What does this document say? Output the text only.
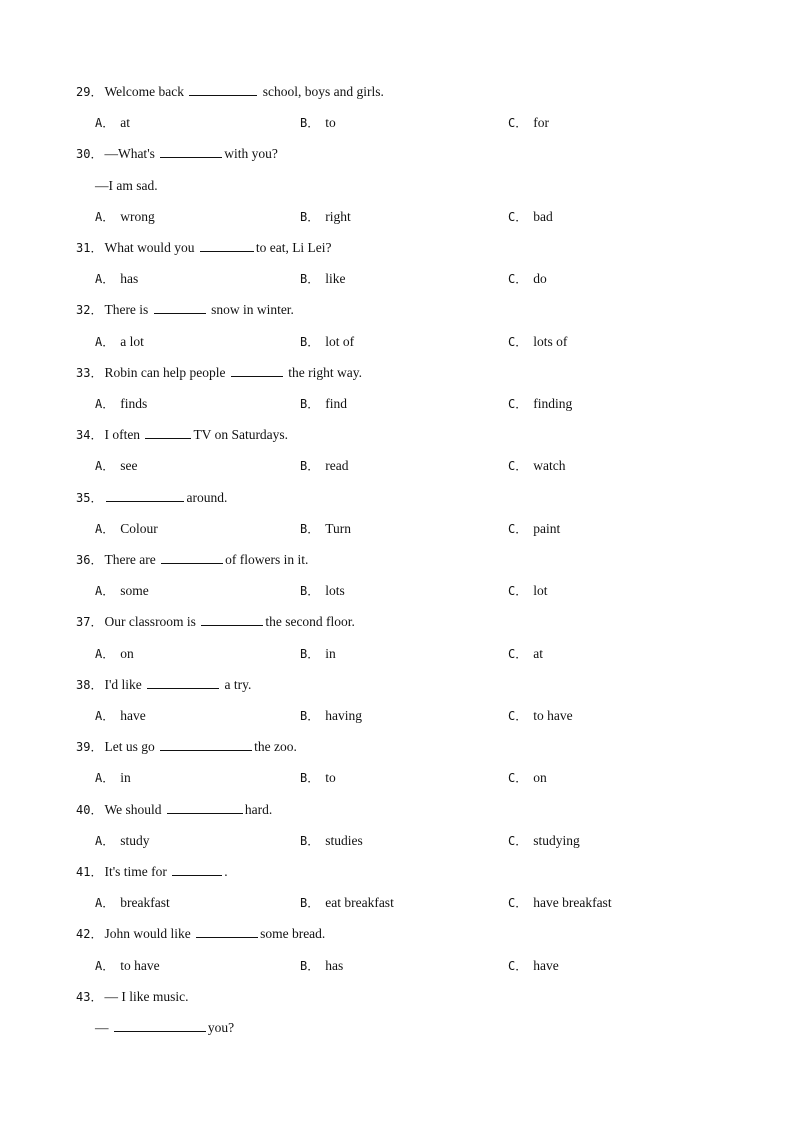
29． Welcome back	school, boys and girls.
A． at	B． to	C． for
30． —What's	with you?
—I am sad.
A． wrong	B． right	C． bad
31． What would you	to eat, Li Lei?
A． has	B． like	C． do
32． There is	snow in winter.
A． a lot	B． lot of	C． lots of
33． Robin can help people	the right way.
A． finds	B． find	C． finding
34． I often	TV on Saturdays.
A． see	B． read	C． watch
35．	around.
A． Colour	B． Turn	C． paint
36． There are	of flowers in it.
A． some	B． lots	C． lot
37． Our classroom is	the second floor.
A． on	B． in	C． at
38． I'd like	a try.
A． have	B． having	C． to have
39． Let us go	the zoo.
A． in	B． to	C． on
40． We should	hard.
A． study	B． studies	C． studying
41． It's time for	.
A． breakfast	B． eat breakfast	C． have breakfast
42． John would like	some bread.
A． to have	B． has	C． have
43． — I like music.
—	you?
